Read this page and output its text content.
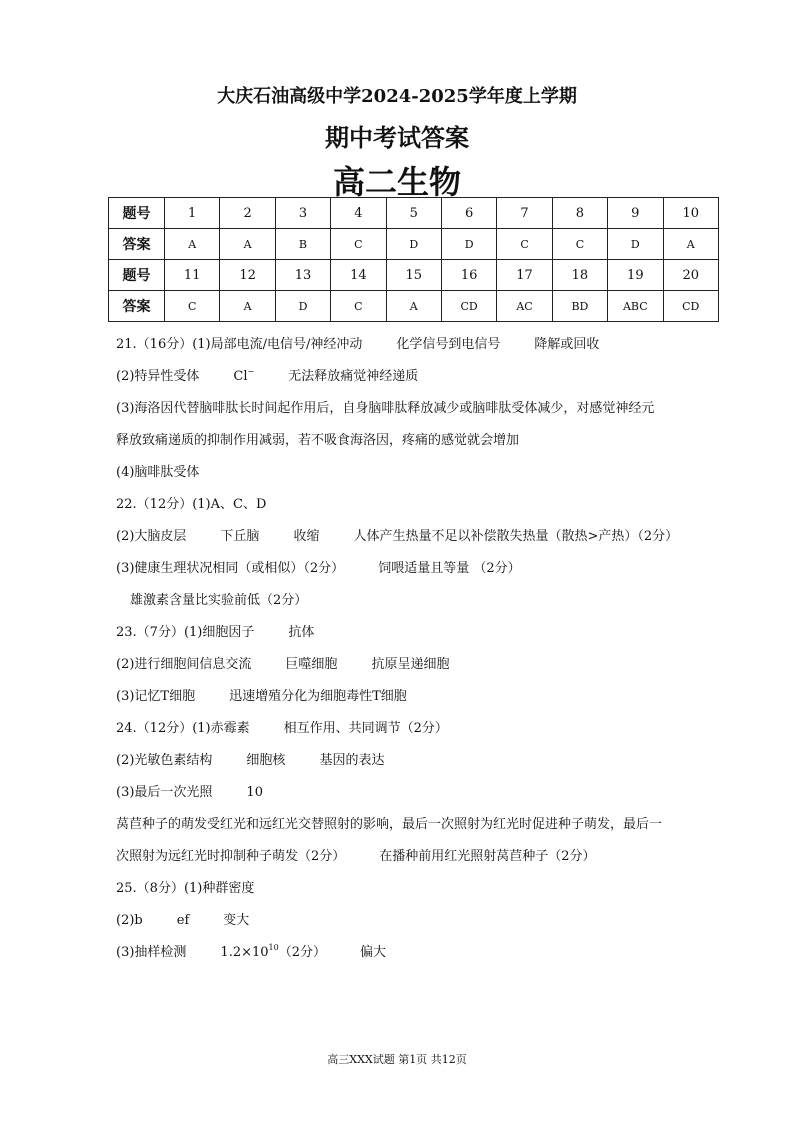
大庆石油高级中学2024-2025学年度上学期
期中考试答案
高二生物
题号	1	2	3	4	5	6	7	8	9	10
答案	A	A	B	C	D	D	C	C	D	A
题号	11	12	13	14	15	16	17	18	19	20
答案	C	A	D	C	A	CD	AC	BD	ABC	CD
21.（16分）(1)局部电流/电信号/神经冲动	化学信号到电信号	降解或回收
(2)特异性受体	Cl−	无法释放痛觉神经递质
(3)海洛因代替脑啡肽长时间起作用后，自身脑啡肽释放减少或脑啡肽受体减少，对感觉神经元
释放致痛递质的抑制作用减弱，若不吸食海洛因，疼痛的感觉就会增加
(4)脑啡肽受体
22.（12分）(1)A、C、D
(2)大脑皮层	下丘脑	收缩	人体产生热量不足以补偿散失热量（散热>产热）（2分）
(3)健康生理状况相同（或相似）（2分）	饲喂适量且等量 （2分）
雄激素含量比实验前低（2分）
23.（7分）(1)细胞因子	抗体
(2)进行细胞间信息交流	巨噬细胞	抗原呈递细胞
(3)记忆T细胞	迅速增殖分化为细胞毒性T细胞
24.（12分）(1)赤霉素	相互作用、共同调节（2分）
(2)光敏色素结构	细胞核	基因的表达
(3)最后一次光照	10
莴苣种子的萌发受红光和远红光交替照射的影响，最后一次照射为红光时促进种子萌发，最后一
次照射为远红光时抑制种子萌发（2分）	在播种前用红光照射莴苣种子（2分）
25.（8分）(1)种群密度
(2)b	ef	变大
(3)抽样检测	$1.2\times 10^{10}(2$分）	偏大
高三XXX试题 第1页 共12页
